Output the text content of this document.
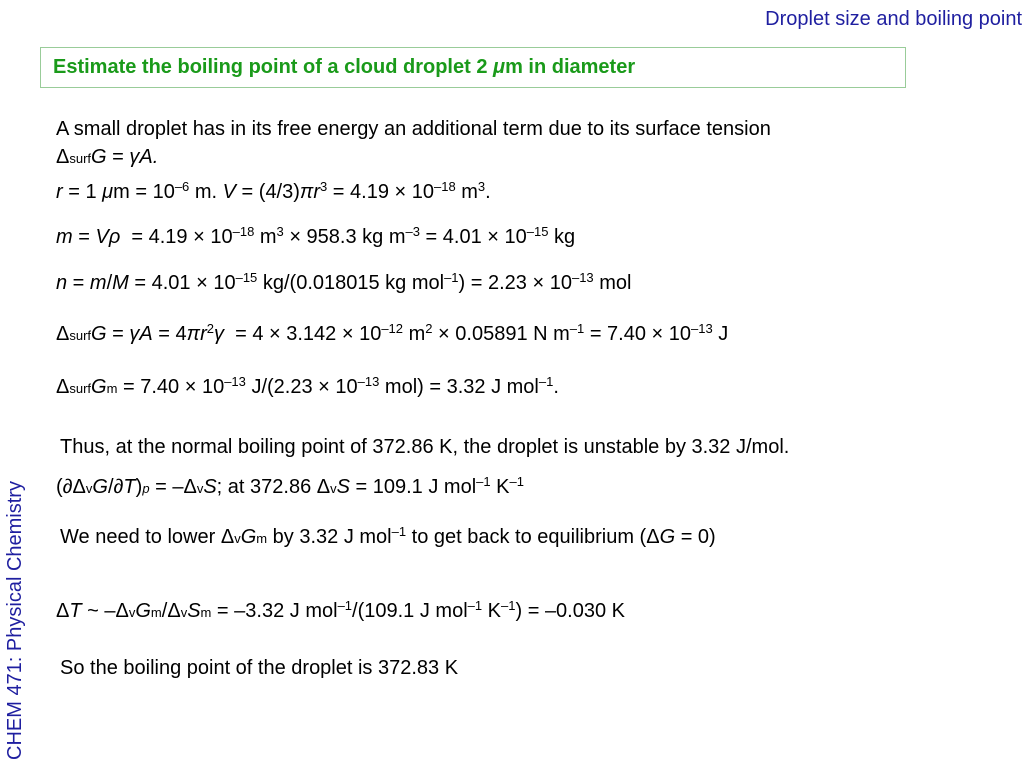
Droplet size and boiling point
CHEM 471: Physical Chemistry
Estimate the boiling point of a cloud droplet 2 μm in diameter
A small droplet has in its free energy an additional term due to its surface tension
ΔsurfG = γA.
r = 1 $\mu m = 10^{-6}$ m. $V = (4/3)\pi r^3 = 4.19 \times 10^{-18}$ $m^3$.
$m = V\rho = 4.19 \times 10^{-18}$ $m^3 \times 958.3$ kg $m^{-3} = 4.01 \times 10^{-15}$ kg
$n = m/M = 4.01 \times 10^{-15}$ kg/(0.018015 kg $mol^{-1}) = 2.23 \times 10^{-13}$ mol
ΔsurfG = $\gamma A = 4\pi r^2\gamma = 4 \times 3.142 \times 10^{-12}$ $m^2 \times 0.05891$ N $m^{-1} = 7.40 \times 10^{-13}$ J
ΔsurfGm = $7.40 \times 10^{-13}$ $J/(2.23 \times 10^{-13}$ mol) = 3.32 J mol$^{-1}$.
Thus, at the normal boiling point of 372.86 K, the droplet is unstable by 3.32 J/mol.
(∂ΔvG/∂T)p = –ΔvS; at 372.86 ΔvS = 109.1 J mol$^{-1}$ $K^{-1}$
We need to lower ΔvGm by 3.32 J mol$^{-1}$ to get back to equilibrium (ΔG = 0)
ΔT ~ –ΔvGm/ΔvSm = –3.32 J mol$^{-1}$/(109.1 J mol$^{-1}$ $K^{-1}) = -0.030$ K
So the boiling point of the droplet is 372.83 K
